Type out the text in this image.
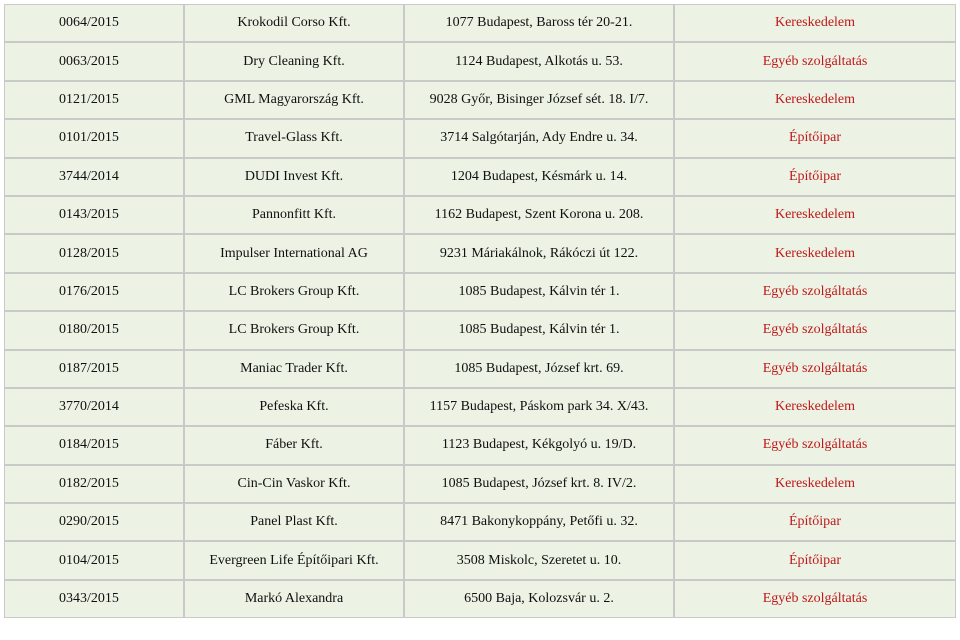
0064/2015	Krokodil Corso Kft.	1077 Budapest, Baross tér 20-21.	Kereskedelem
0063/2015	Dry Cleaning Kft.	1124 Budapest, Alkotás u. 53.	Egyéb szolgáltatás
0121/2015	GML Magyarország Kft.	9028 Győr, Bisinger József sét. 18. I/7.	Kereskedelem
0101/2015	Travel-Glass Kft.	3714 Salgótarján, Ady Endre u. 34.	Építőipar
3744/2014	DUDI Invest Kft.	1204 Budapest, Késmárk u. 14.	Építőipar
0143/2015	Pannonfitt Kft.	1162 Budapest, Szent Korona u. 208.	Kereskedelem
0128/2015	Impulser International AG	9231 Máriakálnok, Rákóczi út 122.	Kereskedelem
0176/2015	LC Brokers Group Kft.	1085 Budapest, Kálvin tér 1.	Egyéb szolgáltatás
0180/2015	LC Brokers Group Kft.	1085 Budapest, Kálvin tér 1.	Egyéb szolgáltatás
0187/2015	Maniac Trader Kft.	1085 Budapest, József krt. 69.	Egyéb szolgáltatás
3770/2014	Pefeska Kft.	1157 Budapest, Páskom park 34. X/43.	Kereskedelem
0184/2015	Fáber Kft.	1123 Budapest, Kékgolyó u. 19/D.	Egyéb szolgáltatás
0182/2015	Cin-Cin Vaskor Kft.	1085 Budapest, József krt. 8. IV/2.	Kereskedelem
0290/2015	Panel Plast Kft.	8471 Bakonykoppány, Petőfi u. 32.	Építőipar
0104/2015	Evergreen Life Építőipari Kft.	3508 Miskolc, Szeretet u. 10.	Építőipar
0343/2015	Markó Alexandra	6500 Baja, Kolozsvár u. 2.	Egyéb szolgáltatás
